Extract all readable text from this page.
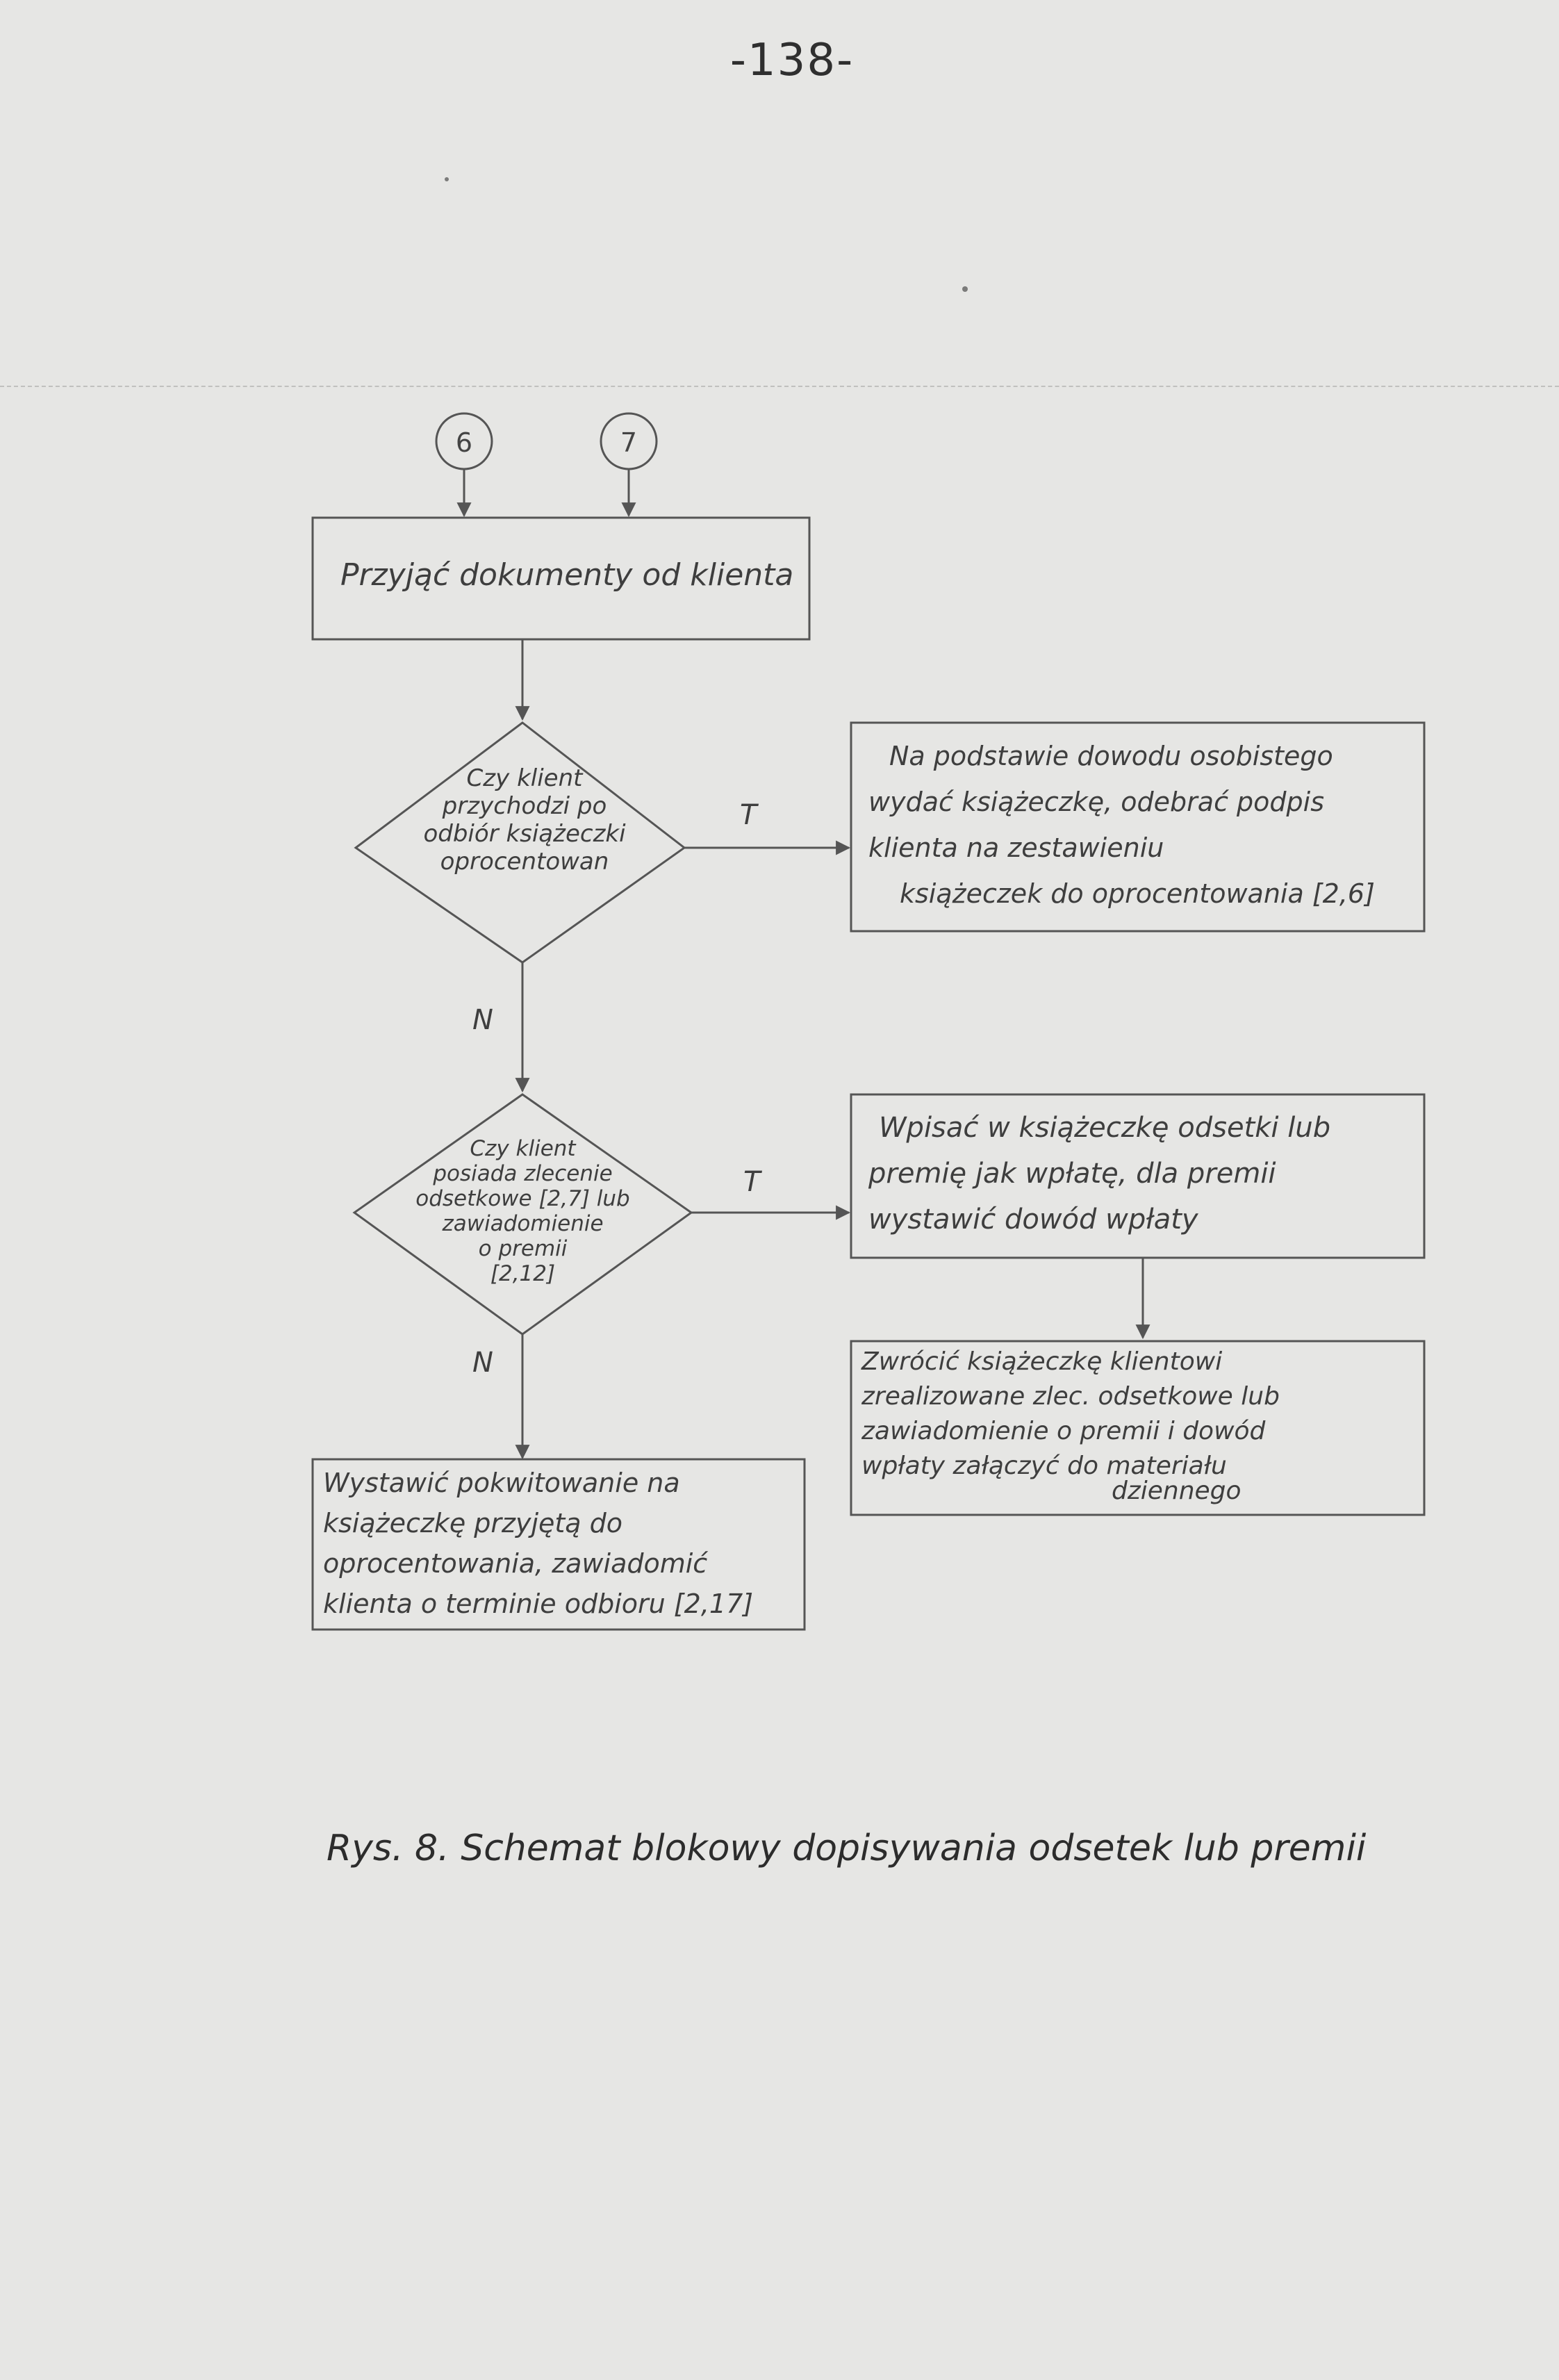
-138-
6	7
Przyjąć dokumenty od klienta
Czy klient
przychodzi po
odbiór książeczki
oprocentowan
Na podstawie dowodu osobistego
wydać książeczkę, odebrać podpis
klienta na zestawieniu
książeczek do oprocentowania [2,6]
Czy klient
posiada zlecenie
odsetkowe [2,7] lub
zawiadomienie
o premii
[2,12]
Wpisać w książeczkę odsetki lub
premię jak wpłatę, dla premii
wystawić dowód wpłaty
Zwrócić książeczkę klientowi
zrealizowane zlec. odsetkowe lub
zawiadomienie o premii i dowód
wpłaty załączyć do materiału
dziennego
Wystawić pokwitowanie na
książeczkę przyjętą do
oprocentowania, zawiadomić
klienta o terminie odbioru [2,17]
T
N
T
N
Rys. 8. Schemat blokowy dopisywania odsetek lub premii
